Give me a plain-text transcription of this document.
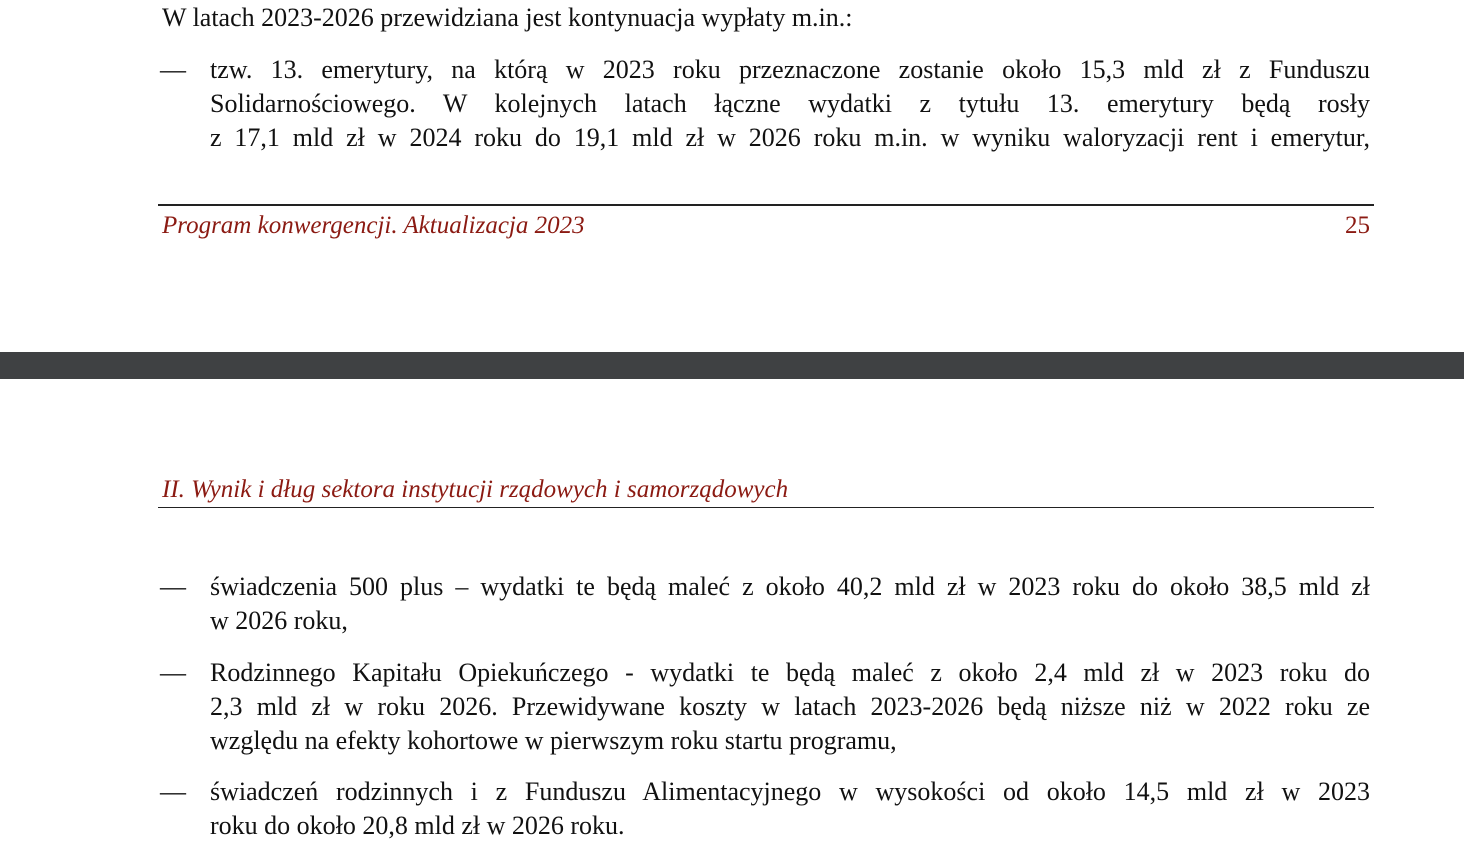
W latach 2023-2026 przewidziana jest kontynuacja wypłaty m.in.:

— tzw. 13. emerytury, na którą w 2023 roku przeznaczone zostanie około 15,3 mld zł z Funduszu
Solidarnościowego. W kolejnych latach łączne wydatki z tytułu 13. emerytury będą rosły
z 17,1 mld zł w 2024 roku do 19,1 mld zł w 2026 roku m.in. w wyniku waloryzacji rent i emerytur,
Program konwergencji. Aktualizacja 2023	25
II. Wynik i dług sektora instytucji rządowych i samorządowych
— świadczenia 500 plus – wydatki te będą maleć z około 40,2 mld zł w 2023 roku do około 38,5 mld zł
w 2026 roku,
— Rodzinnego Kapitału Opiekuńczego - wydatki te będą maleć z około 2,4 mld zł w 2023 roku do
2,3 mld zł w roku 2026. Przewidywane koszty w latach 2023-2026 będą niższe niż w 2022 roku ze
względu na efekty kohortowe w pierwszym roku startu programu,
— świadczeń rodzinnych i z Funduszu Alimentacyjnego w wysokości od około 14,5 mld zł w 2023
roku do około 20,8 mld zł w 2026 roku.
